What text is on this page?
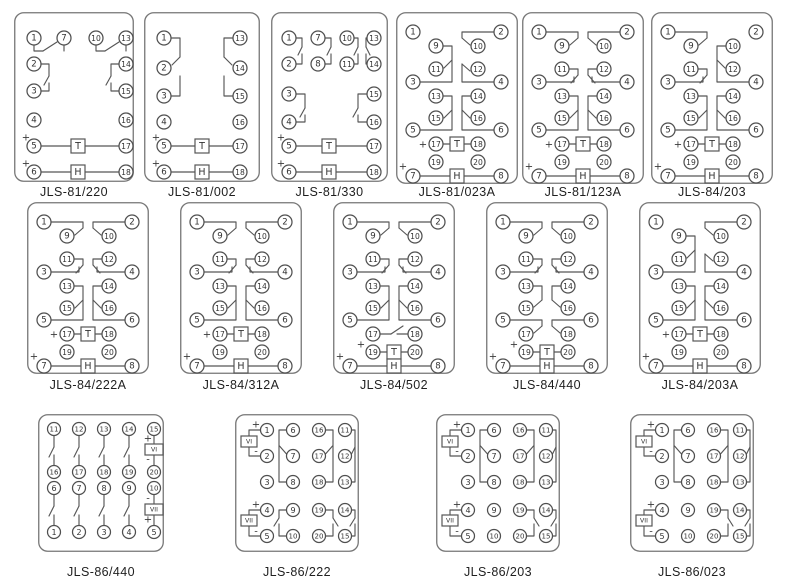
T
H
1	7	10	13
2	14
3	15
4	16
5	17
6	18
+
+
JLS-81/220
T
H
1	13
2	14
3	15
4	16
5	17
6	18
+
+
JLS-81/002
T
H
1	7	10 13
2	8	11 14
3	15
4	16
5	17
6	18
+
+
JLS-81/330
T
H
1	2
9	10
11	12
3	4
13	14
15	16
5	6
17	18
19	20
7	8
+
+
JLS-81/023A
T
H
1	2
9	10
11	12
3	4
13	14
15	16
5	6
17	18
19	20
7	8
+
+
JLS-81/123A
T
H
1	2
9	10
11	12
3	4
13	14
15	16
5	6
17	18
19	20
7	8
+
+
JLS-84/203
T
H
1	2
9	10
11	12
3	4
13	14
15	16
5	6
17	18
19	20
7	8
+
+
JLS-84/222A
T
H
1	2
9	10
11	12
3	4
13	14
15	16
5	6
17	18
19	20
7	8
+
+
JLS-84/312A
T
H
1	2
9	10
11	12
3	4
13	14
15	16
5	6
17	18
19	20
7	8
+
+
JLS-84/502
T
H
1	2
9	10
11	12
3	4
13	14
15	16
5	6
17	18
19	20
7	8
+
+
JLS-84/440
T
H
1	2
9	10
11	12
3	4
13	14
15	16
5	6
17	18
19	20
7	8
+
+
JLS-84/203A
VI
VII
11 12 13 14 15
16 17 18 19 20
6 7 8 9	10
1 2 3 4 5
+
-
-
+
JLS-86/440
VI
VII
1
2
3
4
5
6
7
8
16
17
18
11
12
13
9
10
19
20
14
15
+
-
+
-
JLS-86/222
VI
VII
1
2
3
4
5
6
7
8
16
17
18
11
12
13
9
10
19
20
14
15
+
-
+
-
JLS-86/203
VI
VII
1
2
3
4
5
6
7
8
16
17
18
11
12
13
9
10
19
20
14
15
+
-
+
-
JLS-86/023
